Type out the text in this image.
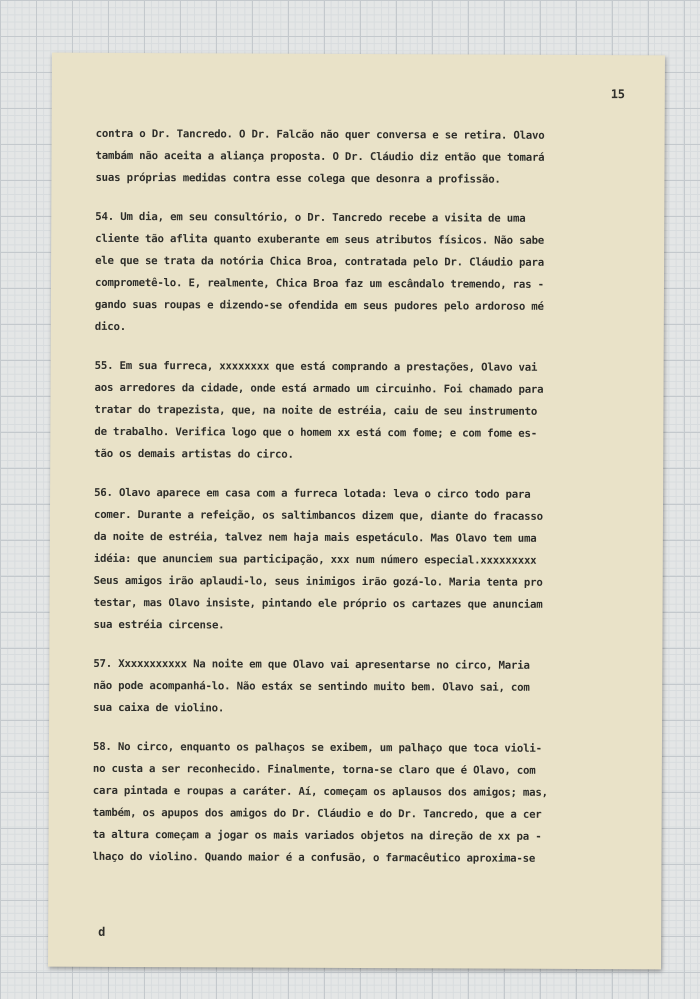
15
contra o Dr. Tancredo. O Dr. Falcão não quer conversa e se retira. Olavo
tambám não aceita a aliança proposta. O Dr. Cláudio diz então que tomará
suas próprias medidas contra esse colega que desonra a profissão.
54. Um dia, em seu consultório, o Dr. Tancredo recebe a visita de uma
cliente tão aflita quanto exuberante em seus atributos físicos. Não sabe
ele que se trata da notória Chica Broa, contratada pelo Dr. Cláudio para
comprometê-lo. E, realmente, Chica Broa faz um escândalo tremendo, ras -
gando suas roupas e dizendo-se ofendida em seus pudores pelo ardoroso mé
dico.
55. Em sua furreca, xxxxxxxx que está comprando a prestações, Olavo vai
aos arredores da cidade, onde está armado um circuinho. Foi chamado para
tratar do trapezista, que, na noite de estréia, caiu de seu instrumento
de trabalho. Verifica logo que o homem xx está com fome; e com fome es-
tão os demais artistas do circo.
56. Olavo aparece em casa com a furreca lotada: leva o circo todo para
comer. Durante a refeição, os saltimbancos dizem que, diante do fracasso
da noite de estréia, talvez nem haja mais espetáculo. Mas Olavo tem uma
idéia: que anunciem sua participação, xxx num número especial.xxxxxxxxx
Seus amigos irão aplaudi-lo, seus inimigos irão gozá-lo. Maria tenta pro
testar, mas Olavo insiste, pintando ele próprio os cartazes que anunciam
sua estréia circense.
57. Xxxxxxxxxxx Na noite em que Olavo vai apresentarse no circo, Maria
não pode acompanhá-lo. Não estáx se sentindo muito bem. Olavo sai, com
sua caixa de violino.
58. No circo, enquanto os palhaços se exibem, um palhaço que toca violi-
no custa a ser reconhecido. Finalmente, torna-se claro que é Olavo, com
cara pintada e roupas a caráter. Aí, começam os aplausos dos amigos; mas,
também, os apupos dos amigos do Dr. Cláudio e do Dr. Tancredo, que a cer
ta altura começam a jogar os mais variados objetos na direção de xx pa -
lhaço do violino. Quando maior é a confusão, o farmacêutico aproxima-se
d
